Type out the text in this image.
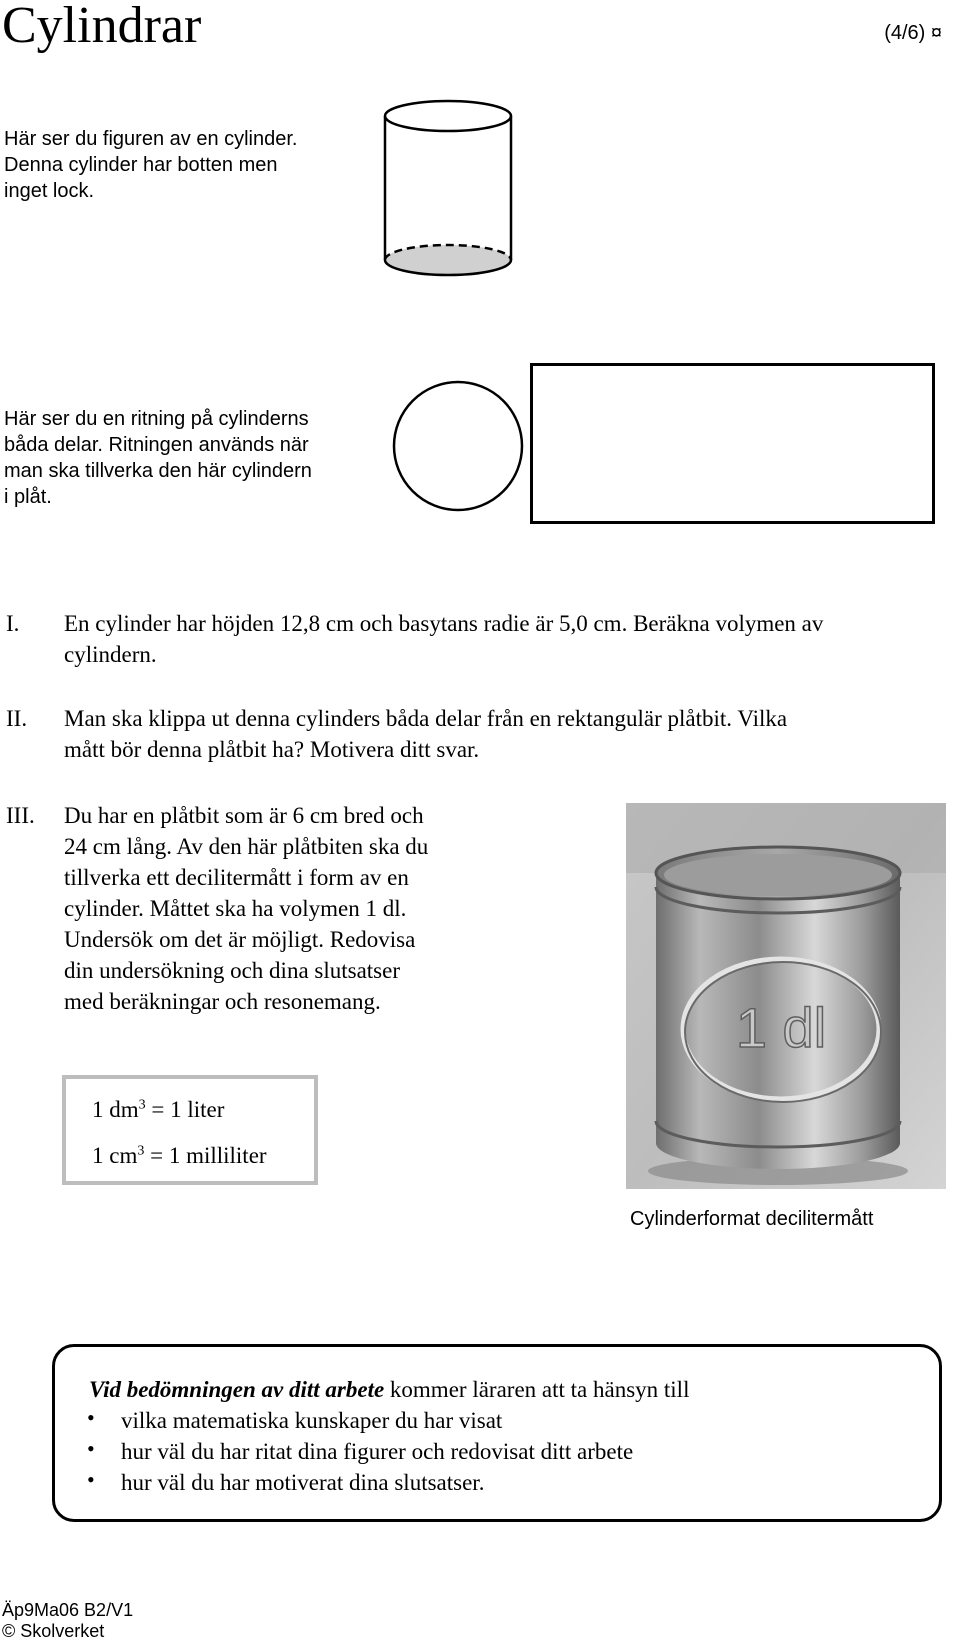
Cylindrar	(4/6) ¤
Här ser du figuren av en cylinder.
Denna cylinder har botten men
inget lock.
Här ser du en ritning på cylinderns
båda delar. Ritningen används när
man ska tillverka den här cylindern
i plåt.
I. En cylinder har höjden 12,8 cm och basytans radie är 5,0 cm. Beräkna volymen av
cylindern.
II. Man ska klippa ut denna cylinders båda delar från en rektangulär plåtbit. Vilka
mått bör denna plåtbit ha? Motivera ditt svar.
III. Du har en plåtbit som är 6 cm bred och
24 cm lång. Av den här plåtbiten ska du
tillverka ett decilitermått i form av en
cylinder. Måttet ska ha volymen 1 dl.
Undersök om det är möjligt. Redovisa
din undersökning och dina slutsatser
med beräkningar och resonemang.	1 dl
1 $dm^3 = 1$ liter
1 $cm^3 = 1$ milliliter
Cylinderformat decilitermått
Vid bedömningen av ditt arbete kommer läraren att ta hänsyn till
• vilka matematiska kunskaper du har visat
• hur väl du har ritat dina figurer och redovisat ditt arbete
• hur väl du har motiverat dina slutsatser.
Äp9Ma06 B2/V1
© Skolverket
